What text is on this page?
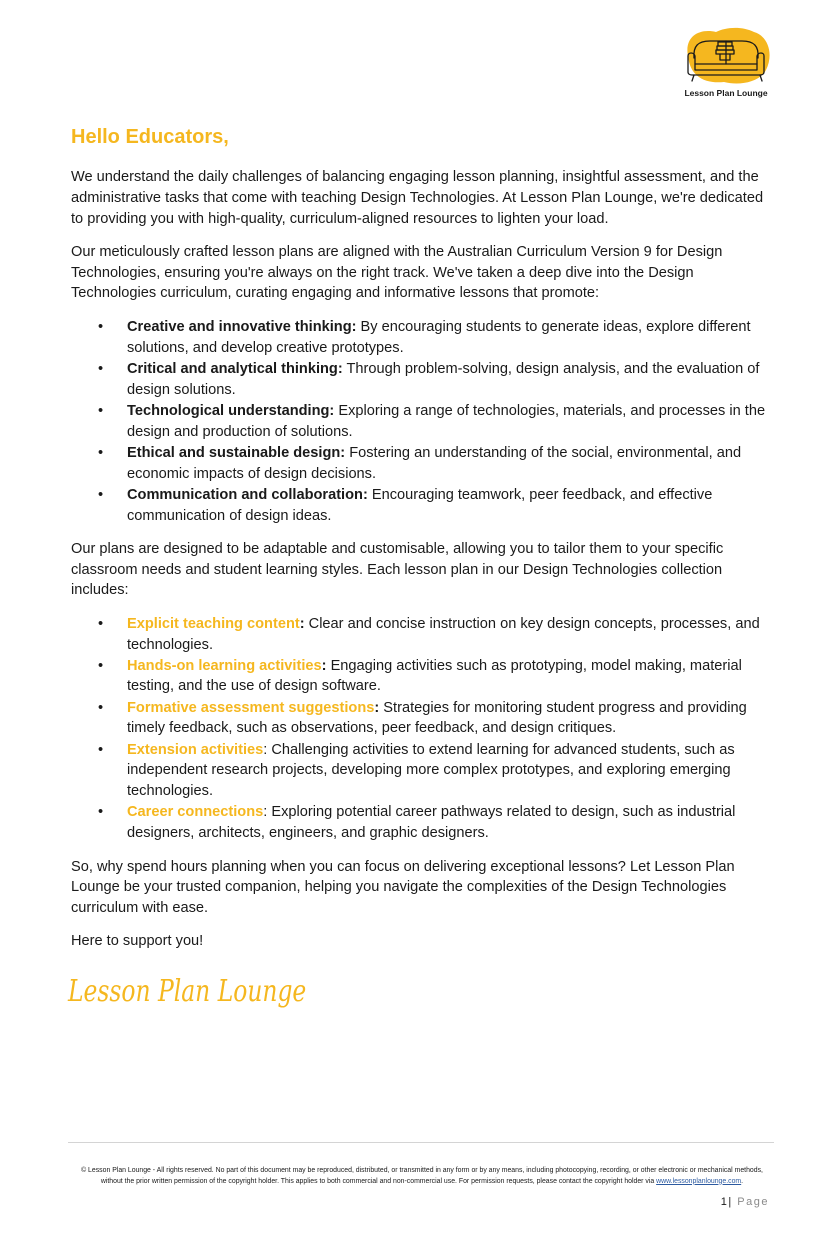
Lesson Plan Lounge
Hello Educators,

We understand the daily challenges of balancing engaging lesson planning, insightful assessment, and the administrative tasks that come with teaching Design Technologies. At Lesson Plan Lounge, we're dedicated to providing you with high-quality, curriculum-aligned resources to lighten your load.

Our meticulously crafted lesson plans are aligned with the Australian Curriculum Version 9 for Design Technologies, ensuring you're always on the right track. We've taken a deep dive into the Design Technologies curriculum, curating engaging and informative lessons that promote:

• Creative and innovative thinking: By encouraging students to generate ideas, explore different solutions, and develop creative prototypes.
• Critical and analytical thinking: Through problem-solving, design analysis, and the evaluation of design solutions.
• Technological understanding: Exploring a range of technologies, materials, and processes in the design and production of solutions.
• Ethical and sustainable design: Fostering an understanding of the social, environmental, and economic impacts of design decisions.
• Communication and collaboration: Encouraging teamwork, peer feedback, and effective communication of design ideas.

Our plans are designed to be adaptable and customisable, allowing you to tailor them to your specific classroom needs and student learning styles. Each lesson plan in our Design Technologies collection includes:

• Explicit teaching content: Clear and concise instruction on key design concepts, processes, and technologies.
• Hands-on learning activities: Engaging activities such as prototyping, model making, material testing, and the use of design software.
• Formative assessment suggestions: Strategies for monitoring student progress and providing timely feedback, such as observations, peer feedback, and design critiques.
• Extension activities: Challenging activities to extend learning for advanced students, such as independent research projects, developing more complex prototypes, and exploring emerging technologies.
• Career connections: Exploring potential career pathways related to design, such as industrial designers, architects, engineers, and graphic designers.

So, why spend hours planning when you can focus on delivering exceptional lessons? Let Lesson Plan Lounge be your trusted companion, helping you navigate the complexities of the Design Technologies curriculum with ease.

Here to support you!

Lesson Plan Lounge
© Lesson Plan Lounge - All rights reserved. No part of this document may be reproduced, distributed, or transmitted in any form or by any means, including photocopying, recording, or other electronic or mechanical methods, without the prior written permission of the copyright holder. This applies to both commercial and non-commercial use. For permission requests, please contact the copyright holder via www.lessonplanlounge.com.
1| Page
